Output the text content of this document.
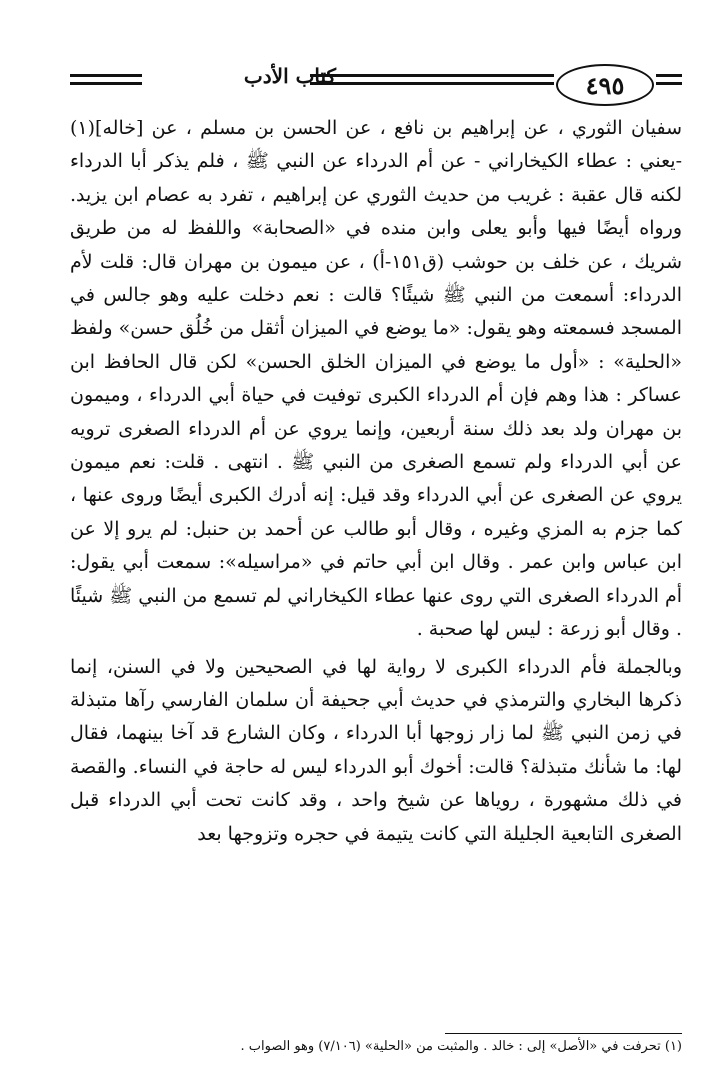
كتاب الأدب	٤٩٥

سفيان الثوري ، عن إبراهيم بن نافع ، عن الحسن بن مسلم ، عن [خاله](١) -يعني : عطاء الكيخاراني - عن أم الدرداء عن النبي ﷺ ، فلم يذكر أبا الدرداء لكنه قال عقبة : غريب من حديث الثوري عن إبراهيم ، تفرد به عصام ابن يزيد. ورواه أيضًا فيها وأبو يعلى وابن منده في «الصحابة» واللفظ له من طريق شريك ، عن خلف بن حوشب (ق١٥١-أ) ، عن ميمون بن مهران قال: قلت لأم الدرداء: أسمعت من النبي ﷺ شيئًا؟ قالت : نعم دخلت عليه وهو جالس في المسجد فسمعته وهو يقول: «ما يوضع في الميزان أثقل من خُلُق حسن» ولفظ «الحلية» : «أول ما يوضع في الميزان الخلق الحسن» لكن قال الحافظ ابن عساكر : هذا وهم فإن أم الدرداء الكبرى توفيت في حياة أبي الدرداء ، وميمون بن مهران ولد بعد ذلك سنة أربعين، وإنما يروي عن أم الدرداء الصغرى ترويه عن أبي الدرداء ولم تسمع الصغرى من النبي ﷺ . انتهى . قلت: نعم ميمون يروي عن الصغرى عن أبي الدرداء وقد قيل: إنه أدرك الكبرى أيضًا وروى عنها ، كما جزم به المزي وغيره ، وقال أبو طالب عن أحمد بن حنبل: لم يرو إلا عن ابن عباس وابن عمر . وقال ابن أبي حاتم في «مراسيله»: سمعت أبي يقول: أم الدرداء الصغرى التي روى عنها عطاء الكيخاراني لم تسمع من النبي ﷺ شيئًا . وقال أبو زرعة : ليس لها صحبة .

وبالجملة فأم الدرداء الكبرى لا رواية لها في الصحيحين ولا في السنن، إنما ذكرها البخاري والترمذي في حديث أبي جحيفة أن سلمان الفارسي رآها متبذلة في زمن النبي ﷺ لما زار زوجها أبا الدرداء ، وكان الشارع قد آخا بينهما، فقال لها: ما شأنك متبذلة؟ قالت: أخوك أبو الدرداء ليس له حاجة في النساء. والقصة في ذلك مشهورة ، روياها عن شيخ واحد ، وقد كانت تحت أبي الدرداء قبل الصغرى التابعية الجليلة التي كانت يتيمة في حجره وتزوجها بعد

(١) تحرفت في «الأصل» إلى : خالد . والمثبت من «الحلية» (٧/١٠٦) وهو الصواب .
